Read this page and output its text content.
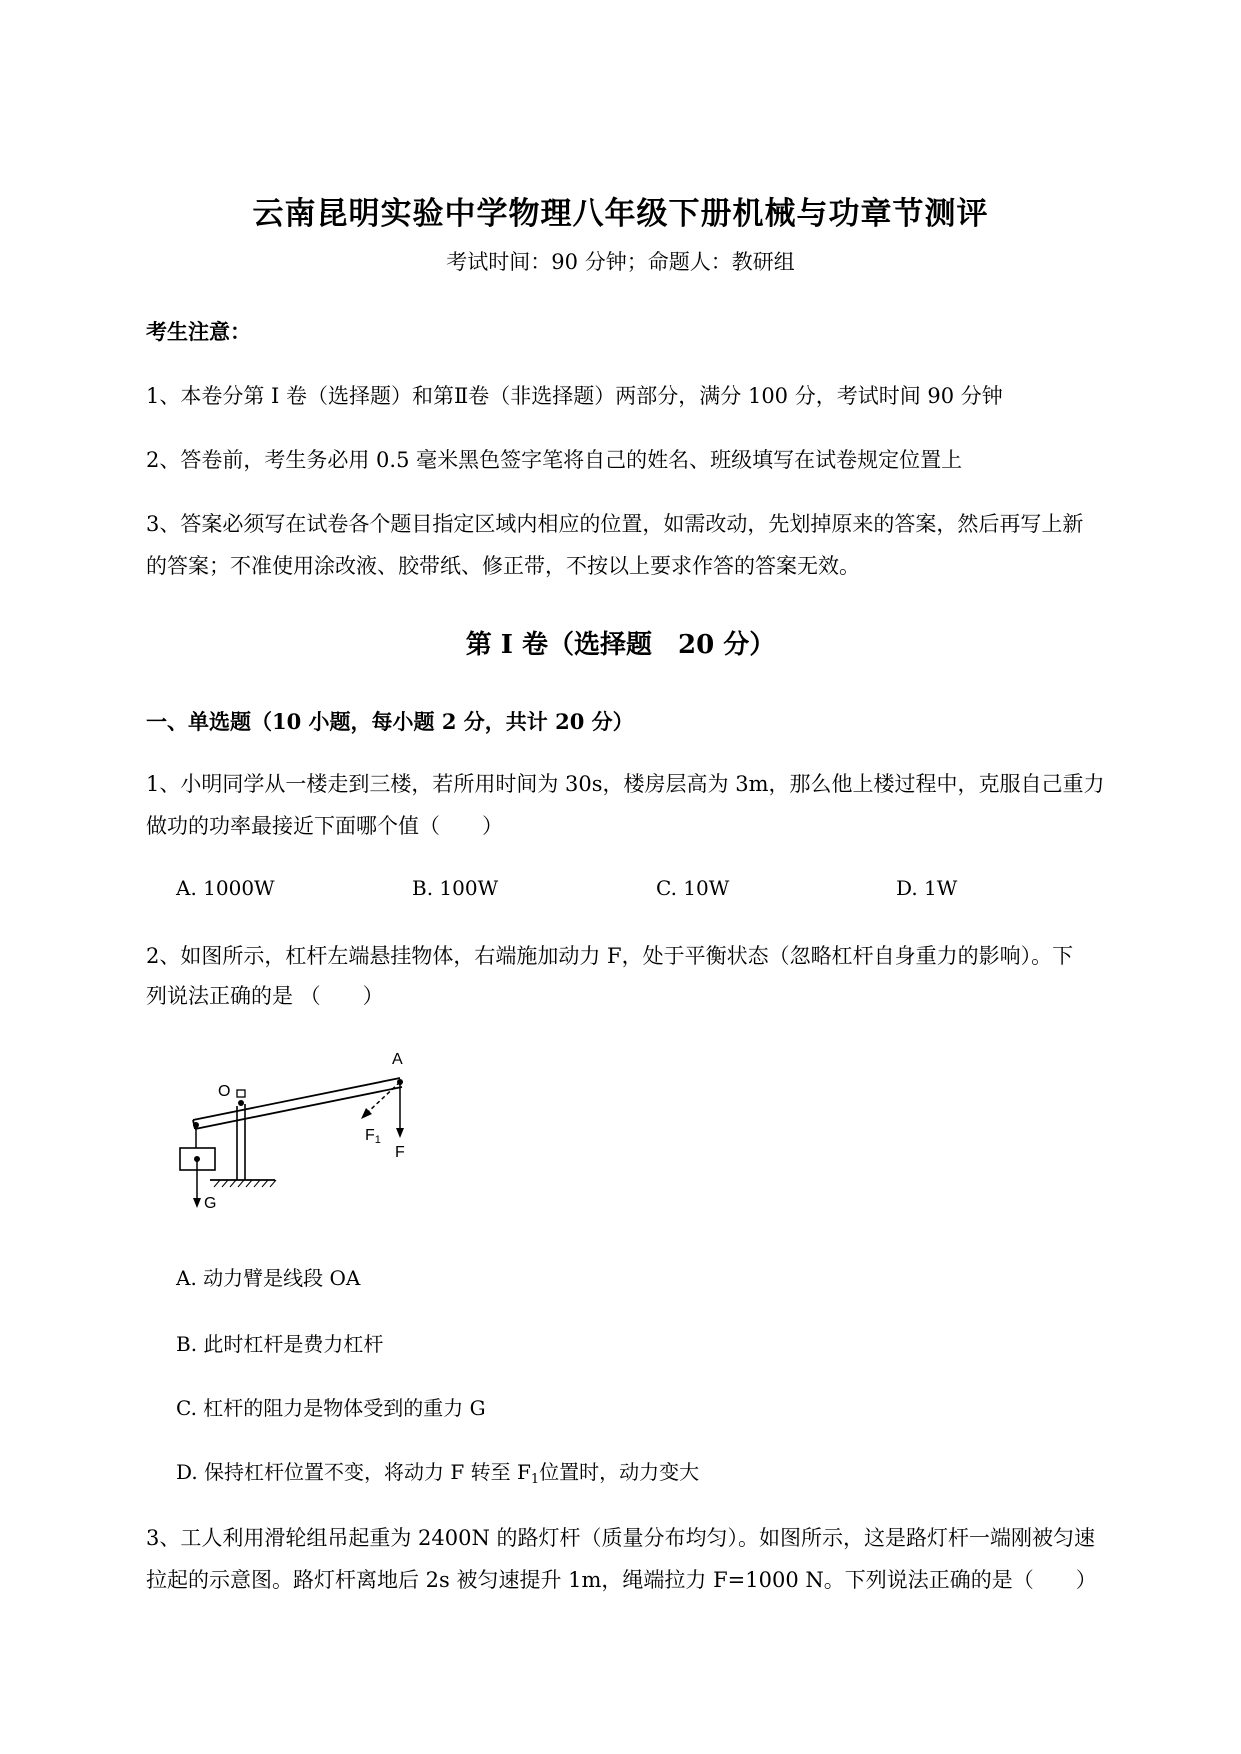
云南昆明实验中学物理八年级下册机械与功章节测评
考试时间：90 分钟；命题人：教研组
考生注意：
1、本卷分第 I 卷（选择题）和第Ⅱ卷（非选择题）两部分，满分 100 分，考试时间 90 分钟
2、答卷前，考生务必用 0.5 毫米黑色签字笔将自己的姓名、班级填写在试卷规定位置上
3、答案必须写在试卷各个题目指定区域内相应的位置，如需改动，先划掉原来的答案，然后再写上新
的答案；不准使用涂改液、胶带纸、修正带，不按以上要求作答的答案无效。
第 I 卷（选择题　20 分）
一、单选题（10 小题，每小题 2 分，共计 20 分）
1、小明同学从一楼走到三楼，若所用时间为 30s，楼房层高为 3m，那么他上楼过程中，克服自己重力
做功的功率最接近下面哪个值（　　）
A. 1000W	B. 100W	C. 10W	D. 1W
2、如图所示，杠杆左端悬挂物体，右端施加动力 F，处于平衡状态（忽略杠杆自身重力的影响）。下
列说法正确的是 （　　）
G
O
A
F
F1
A. 动力臂是线段 OA
B. 此时杠杆是费力杠杆
C. 杠杆的阻力是物体受到的重力 G
D. 保持杠杆位置不变，将动力 F 转至 $F_1$位置时，动力变大
3、工人利用滑轮组吊起重为 2400N 的路灯杆（质量分布均匀）。如图所示，这是路灯杆一端刚被匀速
拉起的示意图。路灯杆离地后 2s 被匀速提升 1m，绳端拉力 F=1000 N。下列说法正确的是（　　）
